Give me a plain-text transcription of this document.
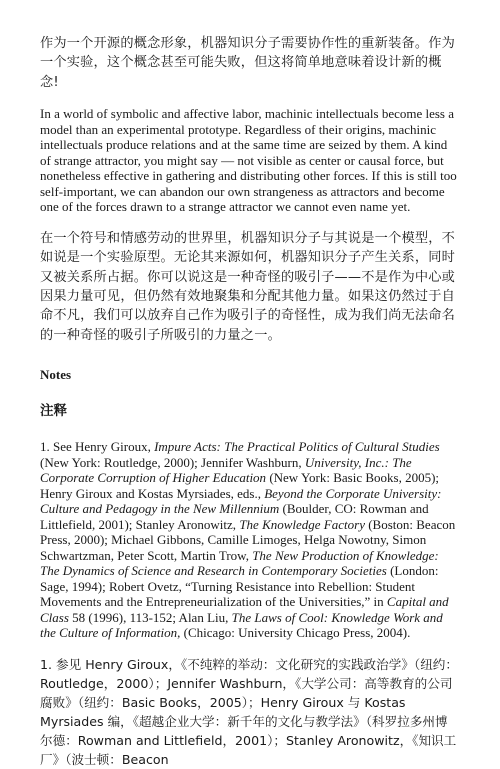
作为一个开源的概念形象，机器知识分子需要协作性的重新装备。作为一个实验，这个概念甚至可能失败，但这将简单地意味着设计新的概念!

In a world of symbolic and affective labor, machinic intellectuals become less a model than an experimental prototype. Regardless of their origins, machinic intellectuals produce relations and at the same time are seized by them. A kind of strange attractor, you might say — not visible as center or causal force, but nonetheless effective in gathering and distributing other forces. If this is still too self-important, we can abandon our own strangeness as attractors and become one of the forces drawn to a strange attractor we cannot even name yet.

在一个符号和情感劳动的世界里，机器知识分子与其说是一个模型，不如说是一个实验原型。无论其来源如何，机器知识分子产生关系，同时又被关系所占据。你可以说这是一种奇怪的吸引子——不是作为中心或因果力量可见，但仍然有效地聚集和分配其他力量。如果这仍然过于自命不凡，我们可以放弃自己作为吸引子的奇怪性，成为我们尚无法命名的一种奇怪的吸引子所吸引的力量之一。

Notes
注释

1. See Henry Giroux, Impure Acts: The Practical Politics of Cultural Studies (New York: Routledge, 2000); Jennifer Washburn, University, Inc.: The Corporate Corruption of Higher Education (New York: Basic Books, 2005); Henry Giroux and Kostas Myrsiades, eds., Beyond the Corporate University: Culture and Pedagogy in the New Millennium (Boulder, CO: Rowman and Littlefield, 2001); Stanley Aronowitz, The Knowledge Factory (Boston: Beacon Press, 2000); Michael Gibbons, Camille Limoges, Helga Nowotny, Simon Schwartzman, Peter Scott, Martin Trow, The New Production of Knowledge: The Dynamics of Science and Research in Contemporary Societies (London: Sage, 1994); Robert Ovetz, “Turning Resistance into Rebellion: Student Movements and the Entrepreneurialization of the Universities,” in Capital and Class 58 (1996), 113-152; Alan Liu, The Laws of Cool: Knowledge Work and the Culture of Information, (Chicago: University Chicago Press, 2004).

1. 参见 Henry Giroux，《不纯粹的举动：文化研究的实践政治学》（纽约：Routledge，2000）；Jennifer Washburn，《大学公司：高等教育的公司腐败》（纽约：Basic Books，2005）；Henry Giroux 与 Kostas Myrsiades 编，《超越企业大学：新千年的文化与教学法》（科罗拉多州博尔德：Rowman and Littlefield，2001）；Stanley Aronowitz，《知识工厂》（波士顿：Beacon
